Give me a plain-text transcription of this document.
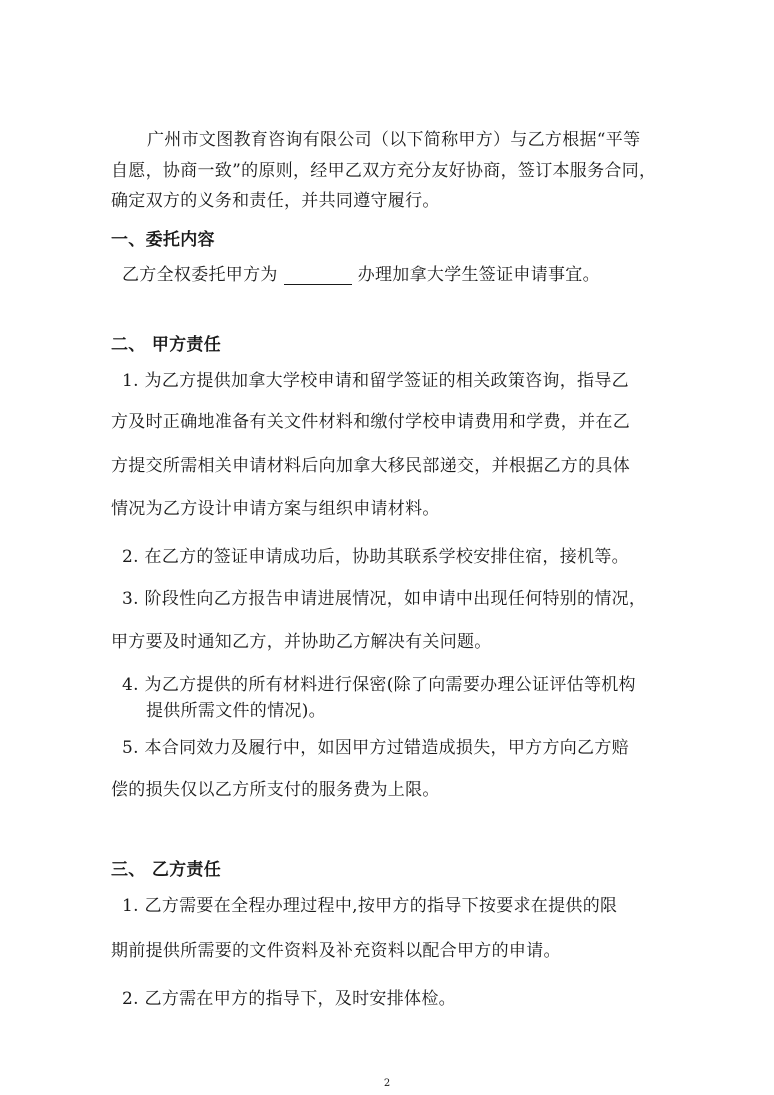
广州市文图教育咨询有限公司（以下简称甲方）与乙方根据“平等
自愿，协商一致”的原则，经甲乙双方充分友好协商，签订本服务合同，
确定双方的义务和责任，并共同遵守履行。
一、委托内容
乙方全权委托甲方为	办理加拿大学生签证申请事宜。
二、 甲方责任
1. 为乙方提供加拿大学校申请和留学签证的相关政策咨询，指导乙
方及时正确地准备有关文件材料和缴付学校申请费用和学费，并在乙
方提交所需相关申请材料后向加拿大移民部递交，并根据乙方的具体
情况为乙方设计申请方案与组织申请材料。
2. 在乙方的签证申请成功后，协助其联系学校安排住宿，接机等。
3. 阶段性向乙方报告申请进展情况，如申请中出现任何特别的情况，
甲方要及时通知乙方，并协助乙方解决有关问题。
4. 为乙方提供的所有材料进行保密(除了向需要办理公证评估等机构
提供所需文件的情况)。
5. 本合同效力及履行中，如因甲方过错造成损失，甲方方向乙方赔
偿的损失仅以乙方所支付的服务费为上限。
三、 乙方责任
1. 乙方需要在全程办理过程中,按甲方的指导下按要求在提供的限
期前提供所需要的文件资料及补充资料以配合甲方的申请。
2. 乙方需在甲方的指导下，及时安排体检。
2
